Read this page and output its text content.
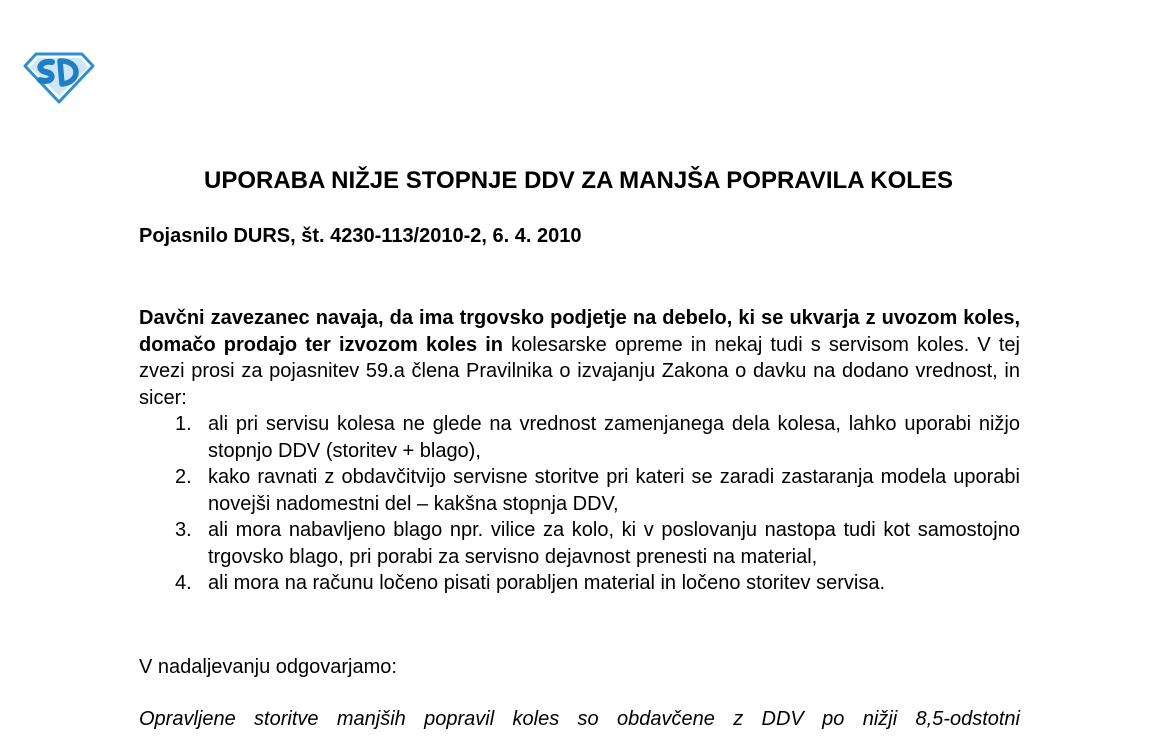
UPORABA NIŽJE STOPNJE DDV ZA MANJŠA POPRAVILA KOLES

Pojasnilo DURS, št. 4230-113/2010-2, 6. 4. 2010

Davčni zavezanec navaja, da ima trgovsko podjetje na debelo, ki se ukvarja z uvozom koles, domačo prodajo ter izvozom koles in kolesarske opreme in nekaj tudi s servisom koles. V tej zvezi prosi za pojasnitev 59.a člena Pravilnika o izvajanju Zakona o davku na dodano vrednost, in sicer:

1. ali pri servisu kolesa ne glede na vrednost zamenjanega dela kolesa, lahko uporabi nižjo stopnjo DDV (storitev + blago),
2. kako ravnati z obdavčitvijo servisne storitve pri kateri se zaradi zastaranja modela uporabi novejši nadomestni del – kakšna stopnja DDV,
3. ali mora nabavljeno blago npr. vilice za kolo, ki v poslovanju nastopa tudi kot samostojno trgovsko blago, pri porabi za servisno dejavnost prenesti na material,
4. ali mora na računu ločeno pisati porabljen material in ločeno storitev servisa.

V nadaljevanju odgovarjamo:

Opravljene storitve manjših popravil koles so obdavčene z DDV po nižji 8,5-odstotni
